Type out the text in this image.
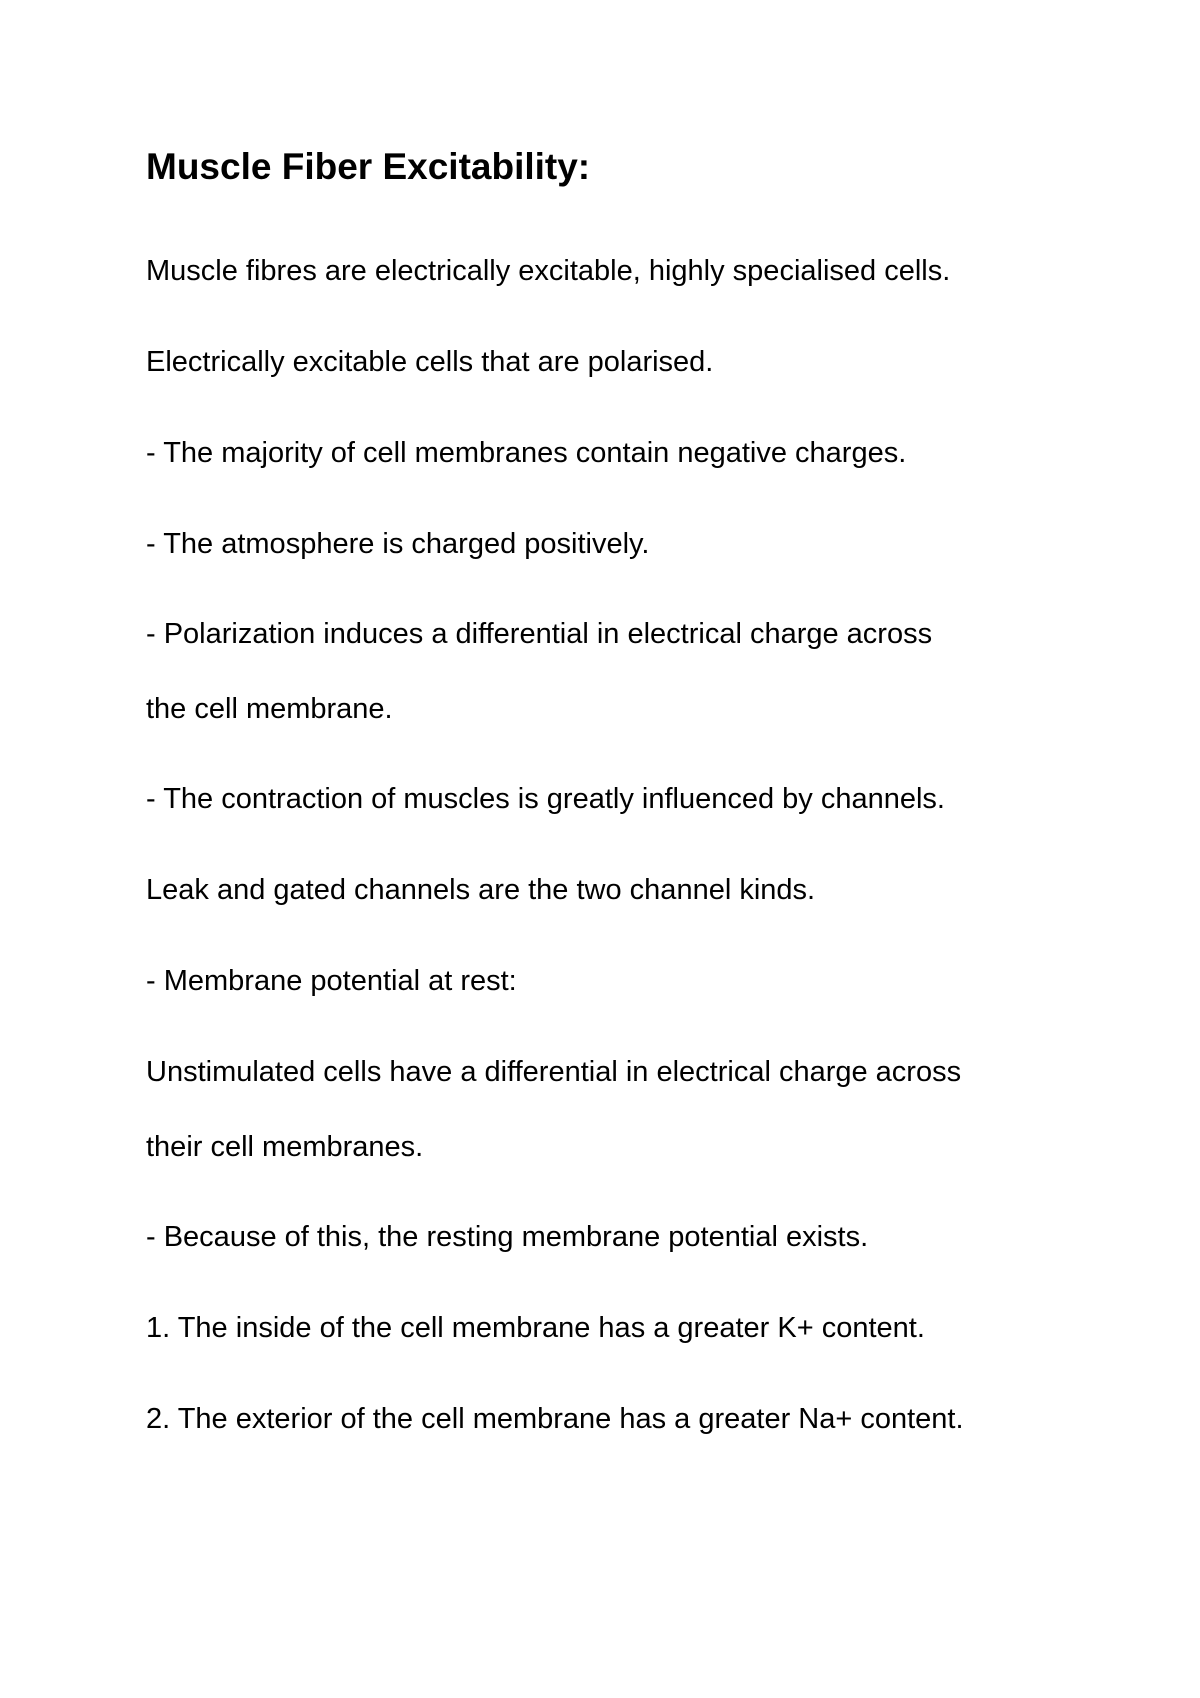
Muscle Fiber Excitability:
Muscle fibres are electrically excitable, highly specialised cells.
Electrically excitable cells that are polarised.
- The majority of cell membranes contain negative charges.
- The atmosphere is charged positively.
- Polarization induces a differential in electrical charge across
the cell membrane.
- The contraction of muscles is greatly influenced by channels.
Leak and gated channels are the two channel kinds.
- Membrane potential at rest:
Unstimulated cells have a differential in electrical charge across
their cell membranes.
- Because of this, the resting membrane potential exists.
1. The inside of the cell membrane has a greater K+ content.
2. The exterior of the cell membrane has a greater Na+ content.
